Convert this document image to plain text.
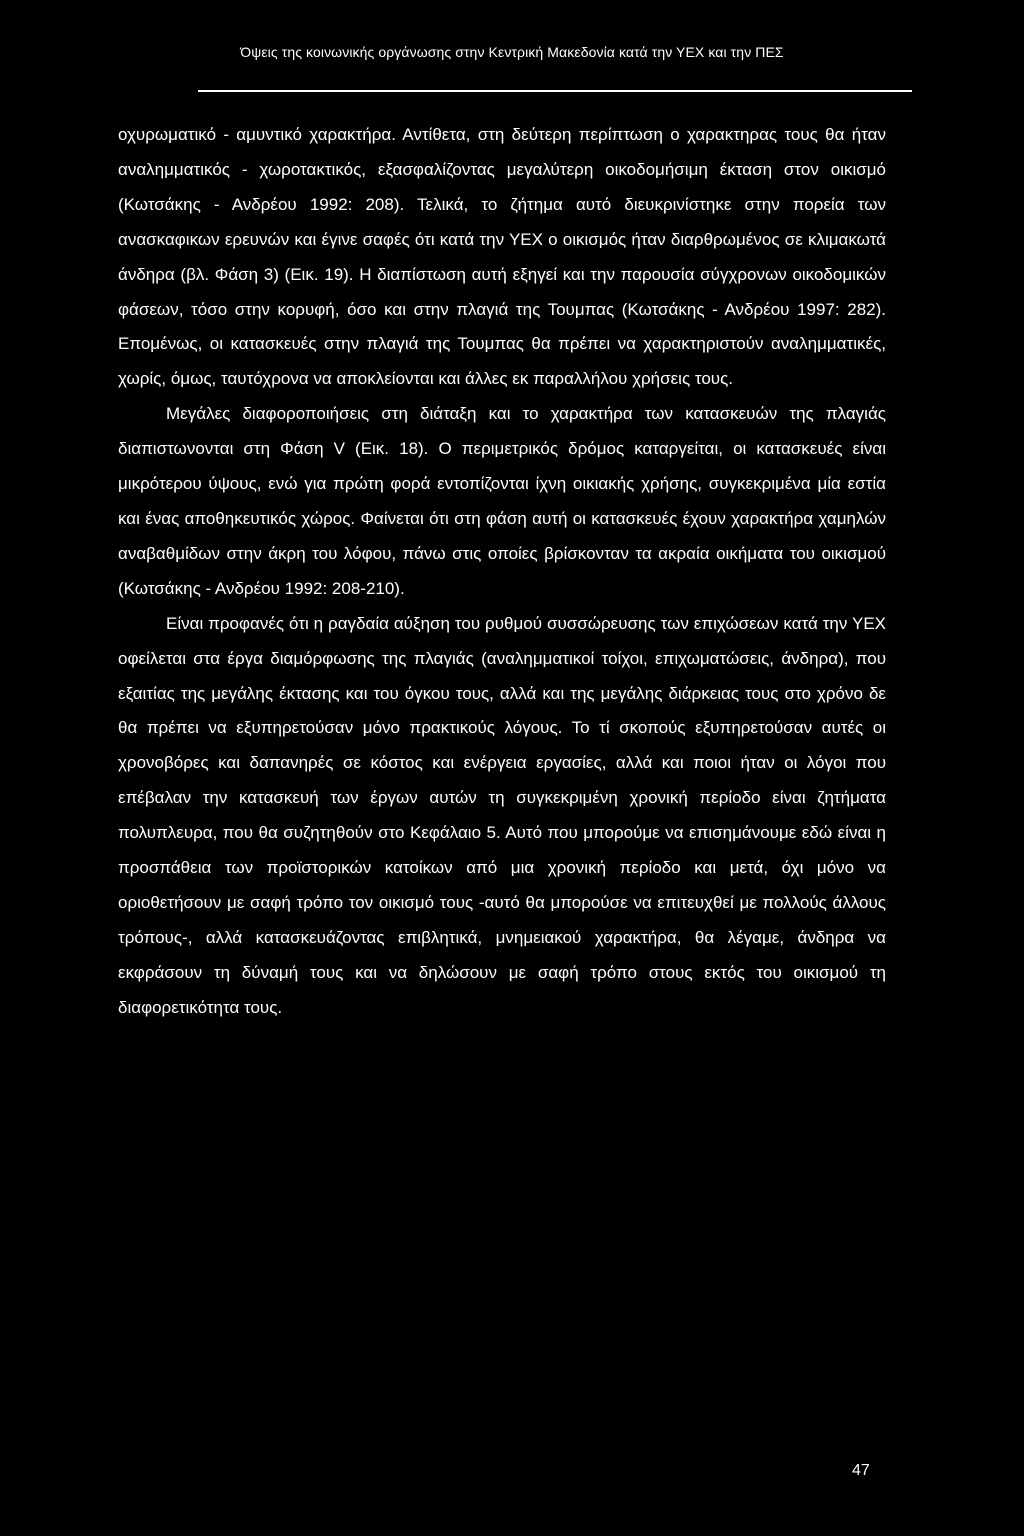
Όψεις της κοινωνικής οργάνωσης στην Κεντρική Μακεδονία κατά την ΥΕΧ και την ΠΕΣ

οχυρωματικό - αμυντικό χαρακτήρα. Αντίθετα, στη δεύτερη περίπτωση ο χαρακτηρας τους θα ήταν αναλημματικός - χωροτακτικός, εξασφαλίζοντας μεγαλύτερη οικοδομήσιμη έκταση στον οικισμό (Κωτσάκης - Ανδρέου 1992: 208). Τελικά, το ζήτημα αυτό διευκρινίστηκε στην πορεία των ανασκαφικων ερευνών και έγινε σαφές ότι κατά την ΥΕΧ ο οικισμός ήταν διαρθρωμένος σε κλιμακωτά άνδηρα (βλ. Φάση 3) (Εικ. 19). Η διαπίστωση αυτή εξηγεί και την παρουσία σύγχρονων οικοδομικών φάσεων, τόσο στην κορυφή, όσο και στην πλαγιά της Τουμπας (Κωτσάκης - Ανδρέου 1997: 282). Επομένως, οι κατασκευές στην πλαγιά της Τουμπας θα πρέπει να χαρακτηριστούν αναλημματικές, χωρίς, όμως, ταυτόχρονα να αποκλείονται και άλλες εκ παραλλήλου χρήσεις τους.

Μεγάλες διαφοροποιήσεις στη διάταξη και το χαρακτήρα των κατασκευών της πλαγιάς διαπιστωνονται στη Φάση V (Εικ. 18). Ο περιμετρικός δρόμος καταργείται, οι κατασκευές είναι μικρότερου ύψους, ενώ για πρώτη φορά εντοπίζονται ίχνη οικιακής χρήσης, συγκεκριμένα μία εστία και ένας αποθηκευτικός χώρος. Φαίνεται ότι στη φάση αυτή οι κατασκευές έχουν χαρακτήρα χαμηλών αναβαθμίδων στην άκρη του λόφου, πάνω στις οποίες βρίσκονταν τα ακραία οικήματα του οικισμού (Κωτσάκης - Ανδρέου 1992: 208-210).

Είναι προφανές ότι η ραγδαία αύξηση του ρυθμού συσσώρευσης των επιχώσεων κατά την ΥΕΧ οφείλεται στα έργα διαμόρφωσης της πλαγιάς (αναλημματικοί τοίχοι, επιχωματώσεις, άνδηρα), που εξαιτίας της μεγάλης έκτασης και του όγκου τους, αλλά και της μεγάλης διάρκειας τους στο χρόνο δε θα πρέπει να εξυπηρετούσαν μόνο πρακτικούς λόγους. Το τί σκοπούς εξυπηρετούσαν αυτές οι χρονοβόρες και δαπανηρές σε κόστος και ενέργεια εργασίες, αλλά και ποιοι ήταν οι λόγοι που επέβαλαν την κατασκευή των έργων αυτών τη συγκεκριμένη χρονική περίοδο είναι ζητήματα πολυπλευρα, που θα συζητηθούν στο Κεφάλαιο 5. Αυτό που μπορούμε να επισημάνουμε εδώ είναι η προσπάθεια των προϊστορικών κατοίκων από μια χρονική περίοδο και μετά, όχι μόνο να οριοθετήσουν με σαφή τρόπο τον οικισμό τους -αυτό θα μπορούσε να επιτευχθεί με πολλούς άλλους τρόπους-, αλλά κατασκευάζοντας επιβλητικά, μνημειακού χαρακτήρα, θα λέγαμε, άνδηρα να εκφράσουν τη δύναμή τους και να δηλώσουν με σαφή τρόπο στους εκτός του οικισμού τη διαφορετικότητα τους.

47
